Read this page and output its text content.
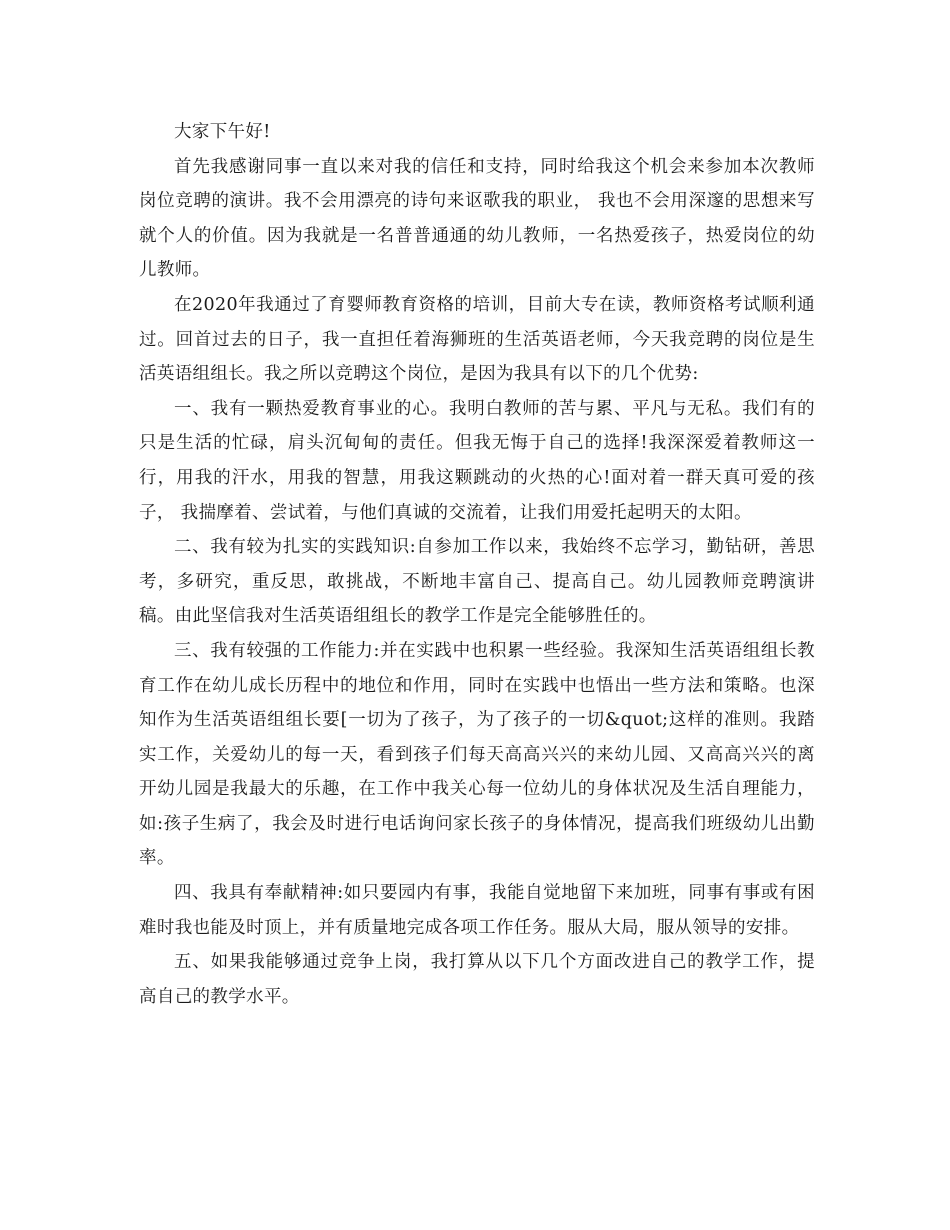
大家下午好!

首先我感谢同事一直以来对我的信任和支持，同时给我这个机会来参加本次教师岗位竞聘的演讲。我不会用漂亮的诗句来讴歌我的职业， 我也不会用深邃的思想来写就个人的价值。因为我就是一名普普通通的幼儿教师，一名热爱孩子，热爱岗位的幼儿教师。

在2020年我通过了育婴师教育资格的培训，目前大专在读，教师资格考试顺利通过。回首过去的日子，我一直担任着海狮班的生活英语老师，今天我竞聘的岗位是生活英语组组长。我之所以竞聘这个岗位，是因为我具有以下的几个优势:

一、我有一颗热爱教育事业的心。我明白教师的苦与累、平凡与无私。我们有的只是生活的忙碌，肩头沉甸甸的责任。但我无悔于自己的选择!我深深爱着教师这一行，用我的汗水，用我的智慧，用我这颗跳动的火热的心!面对着一群天真可爱的孩子， 我揣摩着、尝试着，与他们真诚的交流着，让我们用爱托起明天的太阳。

二、我有较为扎实的实践知识:自参加工作以来，我始终不忘学习，勤钻研，善思考，多研究，重反思，敢挑战，不断地丰富自己、提高自己。幼儿园教师竞聘演讲稿。由此坚信我对生活英语组组长的教学工作是完全能够胜任的。

三、我有较强的工作能力:并在实践中也积累一些经验。我深知生活英语组组长教育工作在幼儿成长历程中的地位和作用，同时在实践中也悟出一些方法和策略。也深知作为生活英语组组长要[一切为了孩子，为了孩子的一切&quot;这样的准则。我踏实工作，关爱幼儿的每一天，看到孩子们每天高高兴兴的来幼儿园、又高高兴兴的离开幼儿园是我最大的乐趣，在工作中我关心每一位幼儿的身体状况及生活自理能力，如:孩子生病了，我会及时进行电话询问家长孩子的身体情况，提高我们班级幼儿出勤率。

四、我具有奉献精神:如只要园内有事，我能自觉地留下来加班，同事有事或有困难时我也能及时顶上，并有质量地完成各项工作任务。服从大局，服从领导的安排。

五、如果我能够通过竞争上岗，我打算从以下几个方面改进自己的教学工作，提高自己的教学水平。
